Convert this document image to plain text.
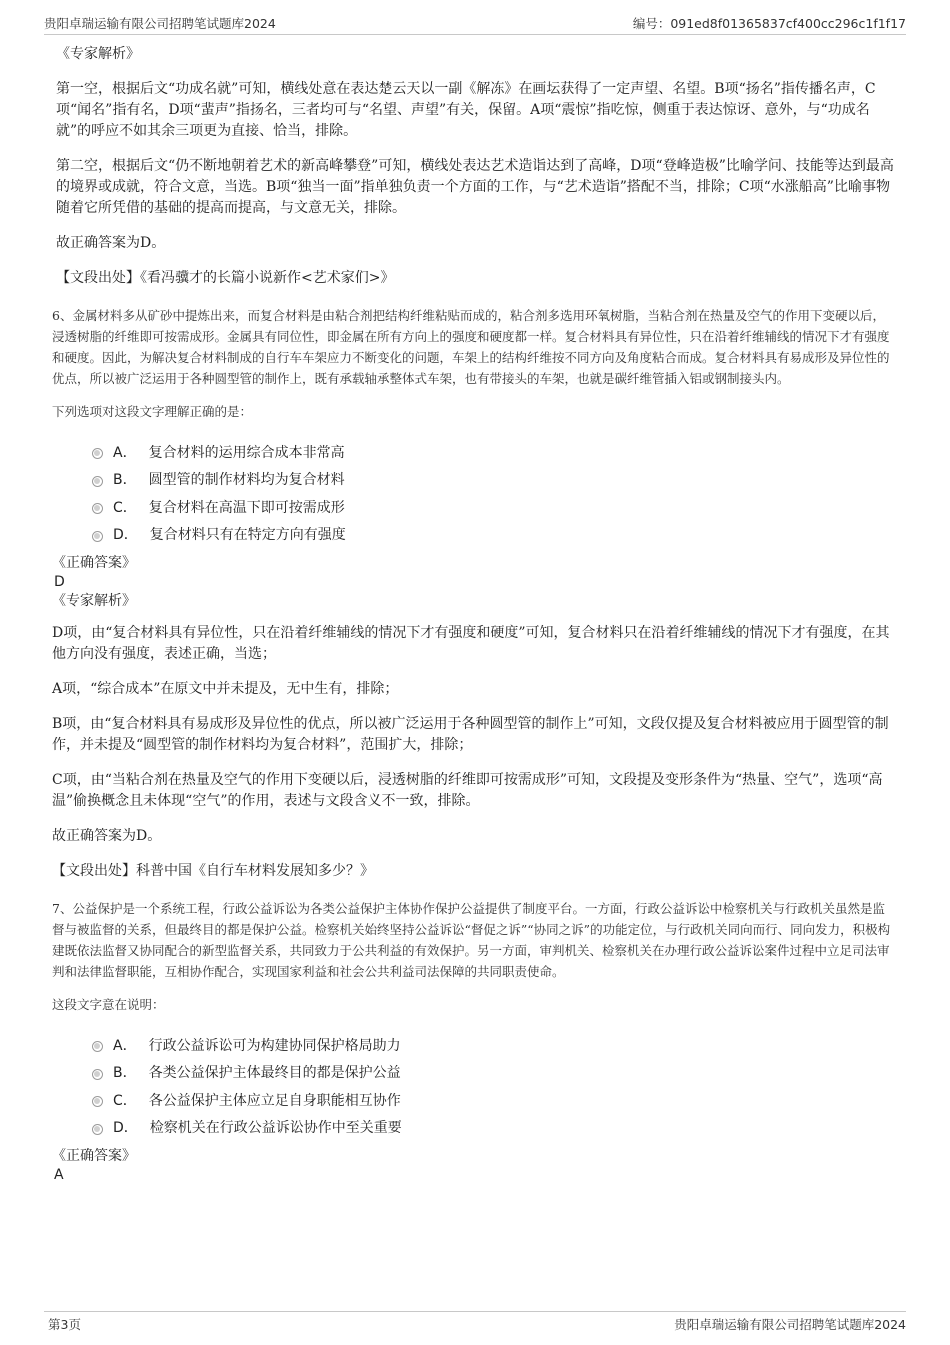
贵阳卓瑞运输有限公司招聘笔试题库2024	编号：091ed8f01365837cf400cc296c1f1f17

《专家解析》

第一空，根据后文“功成名就”可知，横线处意在表达楚云天以一副《解冻》在画坛获得了一定声望、名望。B项“扬名”指传播名声，C项“闻名”指有名，D项“蜚声”指扬名，三者均可与“名望、声望”有关，保留。A项“震惊”指吃惊，侧重于表达惊讶、意外，与“功成名就”的呼应不如其余三项更为直接、恰当，排除。

第二空，根据后文“仍不断地朝着艺术的新高峰攀登”可知，横线处表达艺术造诣达到了高峰，D项“登峰造极”比喻学问、技能等达到最高的境界或成就，符合文意，当选。B项“独当一面”指单独负责一个方面的工作，与“艺术造诣”搭配不当，排除；C项“水涨船高”比喻事物随着它所凭借的基础的提高而提高，与文意无关，排除。

故正确答案为D。

【文段出处】《看冯骥才的长篇小说新作<艺术家们>》

6、金属材料多从矿砂中提炼出来，而复合材料是由粘合剂把结构纤维粘贴而成的，粘合剂多选用环氧树脂，当粘合剂在热量及空气的作用下变硬以后，浸透树脂的纤维即可按需成形。金属具有同位性，即金属在所有方向上的强度和硬度都一样。复合材料具有异位性，只在沿着纤维辅线的情况下才有强度和硬度。因此，为解决复合材料制成的自行车车架应力不断变化的问题，车架上的结构纤维按不同方向及角度粘合而成。复合材料具有易成形及异位性的优点，所以被广泛运用于各种圆型管的制作上，既有承载轴承整体式车架，也有带接头的车架，也就是碳纤维管插入铝或钢制接头内。

下列选项对这段文字理解正确的是：

A． 复合材料的运用综合成本非常高
B． 圆型管的制作材料均为复合材料
C． 复合材料在高温下即可按需成形
D． 复合材料只有在特定方向有强度

《正确答案》

D

《专家解析》

D项，由“复合材料具有异位性，只在沿着纤维辅线的情况下才有强度和硬度”可知，复合材料只在沿着纤维辅线的情况下才有强度，在其他方向没有强度，表述正确，当选；

A项，“综合成本”在原文中并未提及，无中生有，排除；

B项，由“复合材料具有易成形及异位性的优点，所以被广泛运用于各种圆型管的制作上”可知，文段仅提及复合材料被应用于圆型管的制作，并未提及“圆型管的制作材料均为复合材料”，范围扩大，排除；

C项，由“当粘合剂在热量及空气的作用下变硬以后，浸透树脂的纤维即可按需成形”可知，文段提及变形条件为“热量、空气”，选项“高温”偷换概念且未体现“空气”的作用，表述与文段含义不一致，排除。

故正确答案为D。

【文段出处】科普中国《自行车材料发展知多少？》

7、公益保护是一个系统工程，行政公益诉讼为各类公益保护主体协作保护公益提供了制度平台。一方面，行政公益诉讼中检察机关与行政机关虽然是监督与被监督的关系，但最终目的都是保护公益。检察机关始终坚持公益诉讼“督促之诉”“协同之诉”的功能定位，与行政机关同向而行、同向发力，积极构建既依法监督又协同配合的新型监督关系，共同致力于公共利益的有效保护。另一方面，审判机关、检察机关在办理行政公益诉讼案件过程中立足司法审判和法律监督职能，互相协作配合，实现国家利益和社会公共利益司法保障的共同职责使命。

这段文字意在说明：

A． 行政公益诉讼可为构建协同保护格局助力
B． 各类公益保护主体最终目的都是保护公益
C． 各公益保护主体应立足自身职能相互协作
D． 检察机关在行政公益诉讼协作中至关重要

《正确答案》

A

第3页	贵阳卓瑞运输有限公司招聘笔试题库2024
